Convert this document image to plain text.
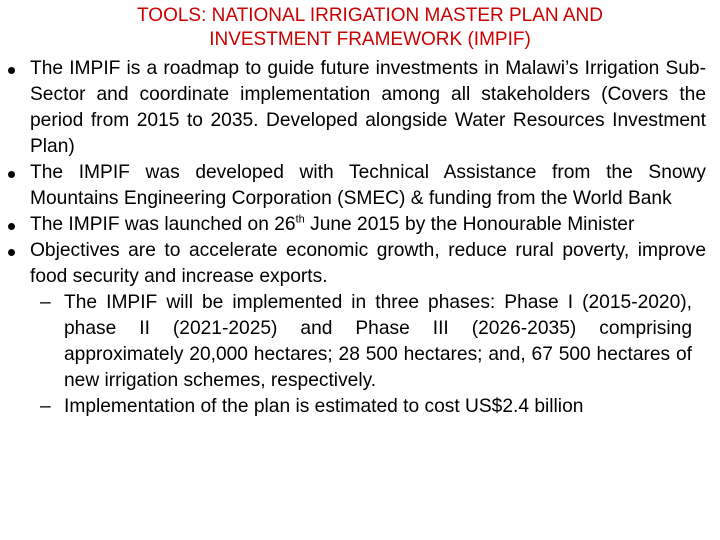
TOOLS: NATIONAL IRRIGATION MASTER PLAN AND
INVESTMENT FRAMEWORK (IMPIF)
The IMPIF is a roadmap to guide future investments in Malawi’s Irrigation Sub-Sector and coordinate implementation among all stakeholders (Covers the period from 2015 to 2035. Developed alongside Water Resources Investment Plan)
The IMPIF was developed with Technical Assistance from the Snowy Mountains Engineering Corporation (SMEC) & funding from the World Bank
The IMPIF was launched on 26th June 2015 by the Honourable Minister
Objectives are to accelerate economic growth, reduce rural poverty, improve food security and increase exports.
– The IMPIF will be implemented in three phases: Phase I (2015-2020), phase II (2021-2025) and Phase III (2026-2035) comprising approximately 20,000 hectares; 28 500 hectares; and, 67 500 hectares of new irrigation schemes, respectively.
– Implementation of the plan is estimated to cost US$2.4 billion
